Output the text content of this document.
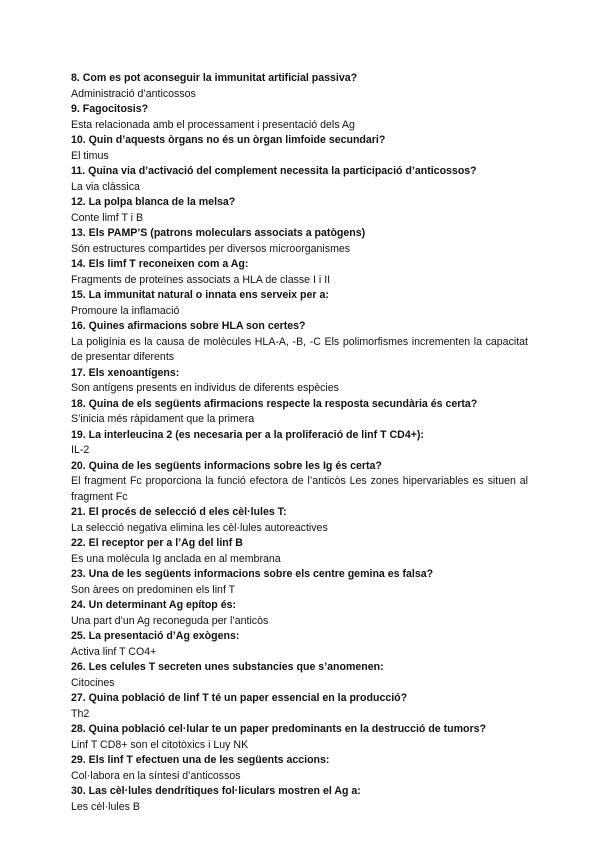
8. Com es pot aconseguir la immunitat artificial passiva?

Administració d’anticossos

9. Fagocitosis?

Esta relacionada amb el processament i presentació dels Ag

10. Quin d’aquests òrgans no és un òrgan limfoide secundari?

El timus

11. Quina via d’activació del complement necessita la participació d’anticossos?

La via clàssica

12. La polpa blanca de la melsa?

Conte limf T i B

13. Els PAMP’S (patrons moleculars associats a patògens)

Són estructures compartides per diversos microorganismes

14. Els limf T reconeixen com a Ag:

Fragments de proteïnes associats a HLA de classe I i II

15. La immunitat natural o innata ens serveix per a:

Promoure la inflamació

16. Quines afirmacions sobre HLA son certes?

La poligínia es la causa de molècules HLA-A, -B, -C Els polimorfismes incrementen la capacitat de presentar diferents

17. Els xenoantígens:

Son antígens presents en individus de diferents espècies

18. Quina de els següents afirmacions respecte la resposta secundària és certa?

S’inicia més ràpidament que la primera

19. La interleucina 2 (es necesaria per a la proliferació de linf T CD4+):

IL-2

20. Quina de les següents informacions sobre les Ig és certa?

El fragment Fc proporciona la funció efectora de l’anticòs Les zones hipervariables es situen al fragment Fc

21. El procés de selecció d eles cèl·lules T:

La selecció negativa elimina les cèl·lules autoreactives

22. El receptor per a l’Ag del linf B

Es una molècula Ig anclada en al membrana

23. Una de les següents informacions sobre els centre gemina es falsa?

Son àrees on predominen els linf T

24. Un determinant Ag epítop és:

Una part d’un Ag reconeguda per l’anticòs

25. La presentació d’Ag exògens:

Activa linf T CO4+

26. Les celules T secreten unes substancies que s’anomenen:

Citocines

27. Quina població de linf T té un paper essencial en la producció?

Th2

28. Quina població cel·lular te un paper predominants en la destrucció de tumors?

Linf T CD8+ son el citotòxics i Luy NK

29. Els linf T efectuen una de les següents accions:

Col·labora en la síntesi d’anticossos

30. Las cèl·lules dendrítiques fol·liculars mostren el Ag a:

Les cèl·lules B
